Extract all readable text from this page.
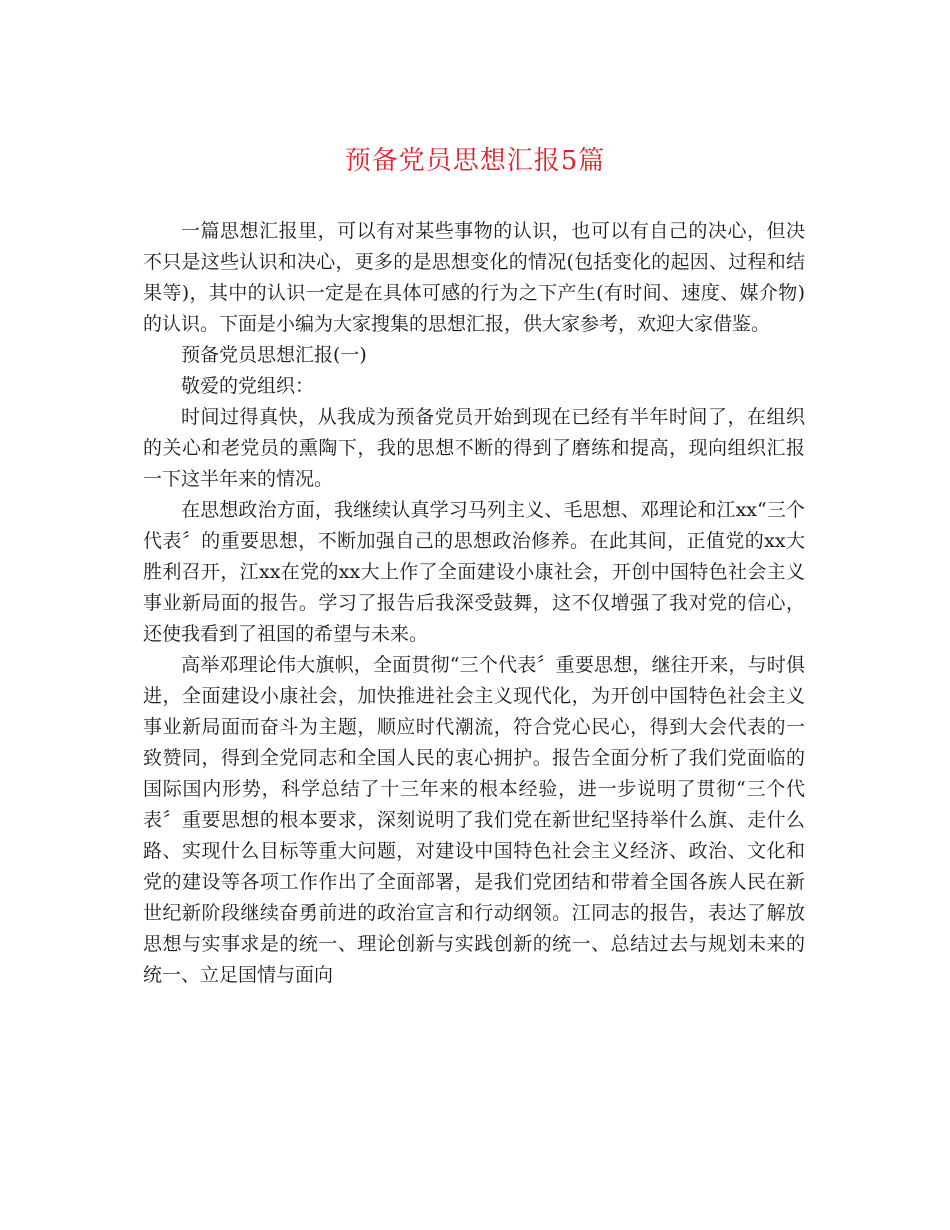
预备党员思想汇报5篇

一篇思想汇报里，可以有对某些事物的认识，也可以有自己的决心，但决不只是这些认识和决心，更多的是思想变化的情况(包括变化的起因、过程和结果等)，其中的认识一定是在具体可感的行为之下产生(有时间、速度、媒介物)的认识。下面是小编为大家搜集的思想汇报，供大家参考，欢迎大家借鉴。

预备党员思想汇报(一)

敬爱的党组织：

时间过得真快，从我成为预备党员开始到现在已经有半年时间了，在组织的关心和老党员的熏陶下，我的思想不断的得到了磨练和提高，现向组织汇报一下这半年来的情况。

在思想政治方面，我继续认真学习马列主义、毛思想、邓理论和江xx“三个代表〞的重要思想，不断加强自己的思想政治修养。在此其间，正值党的xx大胜利召开，江xx在党的xx大上作了全面建设小康社会，开创中国特色社会主义事业新局面的报告。学习了报告后我深受鼓舞，这不仅增强了我对党的信心，还使我看到了祖国的希望与未来。

高举邓理论伟大旗帜，全面贯彻“三个代表〞重要思想，继往开来，与时俱进，全面建设小康社会，加快推进社会主义现代化，为开创中国特色社会主义事业新局面而奋斗为主题，顺应时代潮流，符合党心民心，得到大会代表的一致赞同，得到全党同志和全国人民的衷心拥护。报告全面分析了我们党面临的国际国内形势，科学总结了十三年来的根本经验，进一步说明了贯彻“三个代表〞重要思想的根本要求，深刻说明了我们党在新世纪坚持举什么旗、走什么路、实现什么目标等重大问题，对建设中国特色社会主义经济、政治、文化和党的建设等各项工作作出了全面部署，是我们党团结和带着全国各族人民在新世纪新阶段继续奋勇前进的政治宣言和行动纲领。江同志的报告，表达了解放思想与实事求是的统一、理论创新与实践创新的统一、总结过去与规划未来的统一、立足国情与面向
